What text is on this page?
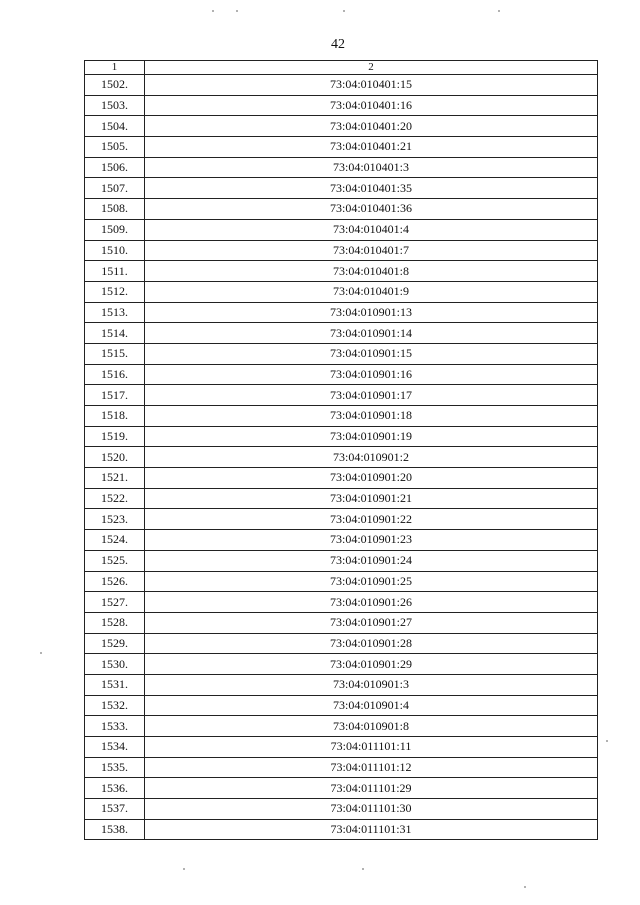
42
1	2
1502.	73:04:010401:15
1503.	73:04:010401:16
1504.	73:04:010401:20
1505.	73:04:010401:21
1506.	73:04:010401:3
1507.	73:04:010401:35
1508.	73:04:010401:36
1509.	73:04:010401:4
1510.	73:04:010401:7
1511.	73:04:010401:8
1512.	73:04:010401:9
1513.	73:04:010901:13
1514.	73:04:010901:14
1515.	73:04:010901:15
1516.	73:04:010901:16
1517.	73:04:010901:17
1518.	73:04:010901:18
1519.	73:04:010901:19
1520.	73:04:010901:2
1521.	73:04:010901:20
1522.	73:04:010901:21
1523.	73:04:010901:22
1524.	73:04:010901:23
1525.	73:04:010901:24
1526.	73:04:010901:25
1527.	73:04:010901:26
1528.	73:04:010901:27
1529.	73:04:010901:28
1530.	73:04:010901:29
1531.	73:04:010901:3
1532.	73:04:010901:4
1533.	73:04:010901:8
1534.	73:04:011101:11
1535.	73:04:011101:12
1536.	73:04:011101:29
1537.	73:04:011101:30
1538.	73:04:011101:31
